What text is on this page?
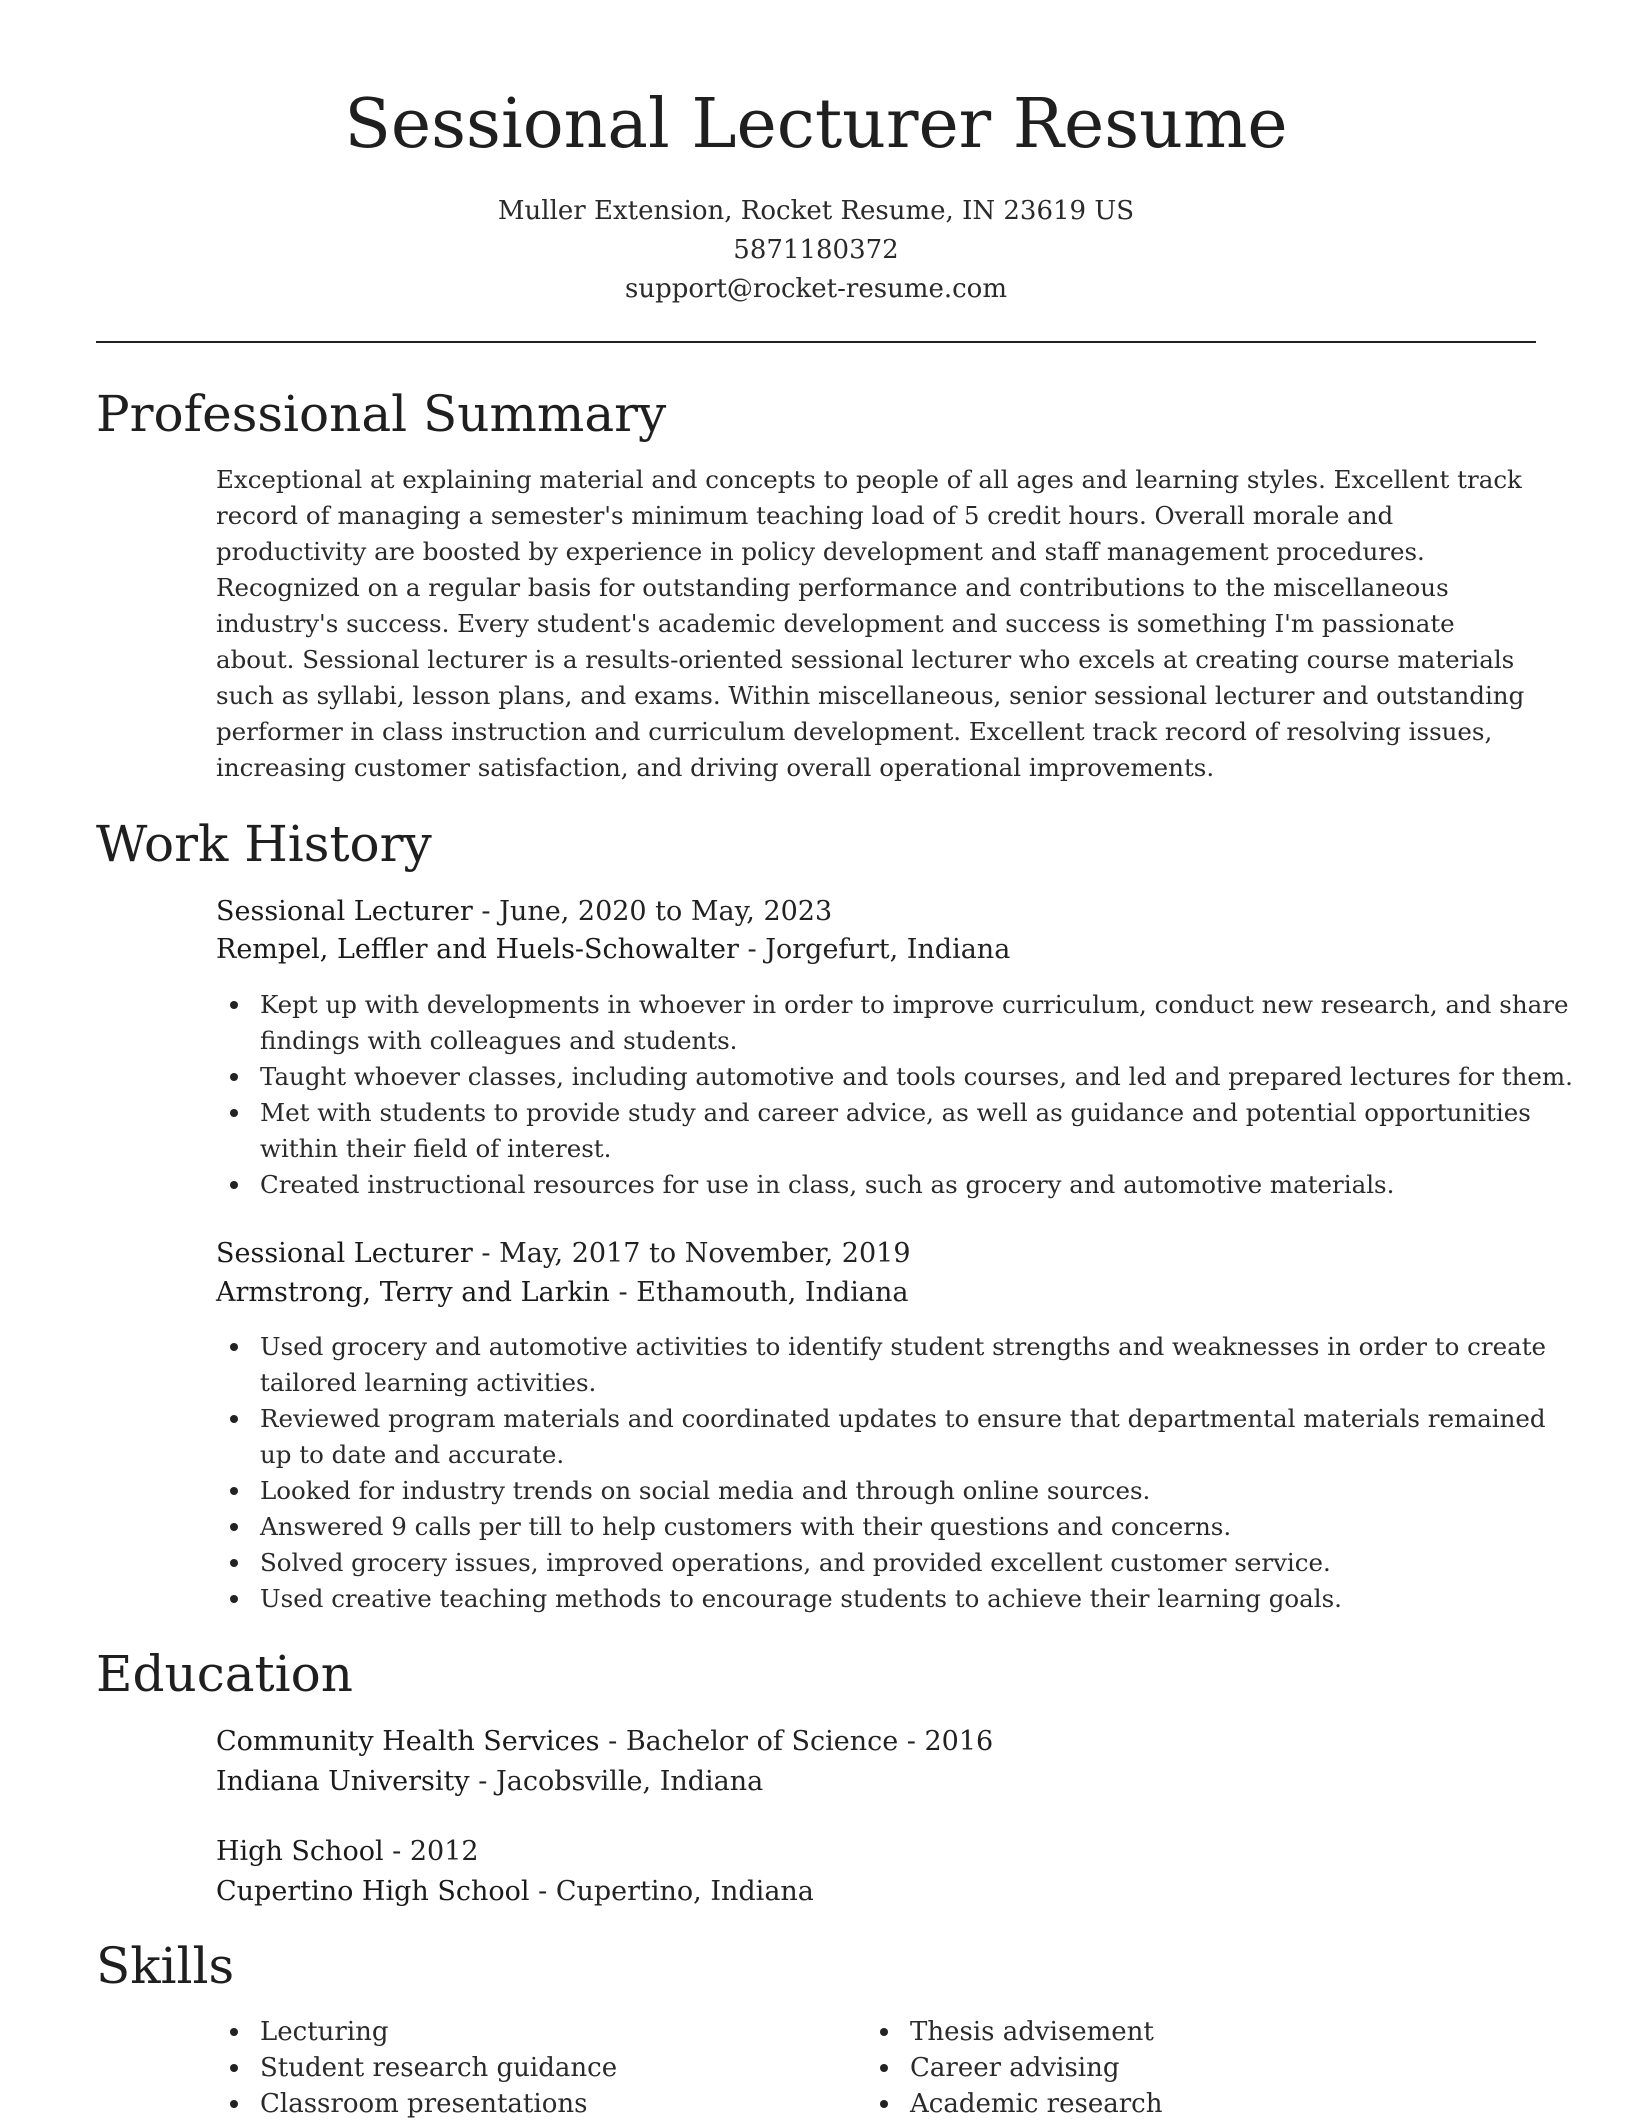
Sessional Lecturer Resume
Muller Extension, Rocket Resume, IN 23619 US
5871180372
support@rocket-resume.com
Professional Summary

Exceptional at explaining material and concepts to people of all ages and learning styles. Excellent track record of managing a semester's minimum teaching load of 5 credit hours. Overall morale and productivity are boosted by experience in policy development and staff management procedures. Recognized on a regular basis for outstanding performance and contributions to the miscellaneous industry's success. Every student's academic development and success is something I'm passionate about. Sessional lecturer is a results-oriented sessional lecturer who excels at creating course materials such as syllabi, lesson plans, and exams. Within miscellaneous, senior sessional lecturer and outstanding performer in class instruction and curriculum development. Excellent track record of resolving issues, increasing customer satisfaction, and driving overall operational improvements.

Work History
Sessional Lecturer - June, 2020 to May, 2023
Rempel, Leffler and Huels-Schowalter - Jorgefurt, Indiana
Kept up with developments in whoever in order to improve curriculum, conduct new research, and share findings with colleagues and students.
Taught whoever classes, including automotive and tools courses, and led and prepared lectures for them.
Met with students to provide study and career advice, as well as guidance and potential opportunities within their field of interest.
Created instructional resources for use in class, such as grocery and automotive materials.
Sessional Lecturer - May, 2017 to November, 2019
Armstrong, Terry and Larkin - Ethamouth, Indiana
Used grocery and automotive activities to identify student strengths and weaknesses in order to create tailored learning activities.
Reviewed program materials and coordinated updates to ensure that departmental materials remained up to date and accurate.
Looked for industry trends on social media and through online sources.
Answered 9 calls per till to help customers with their questions and concerns.
Solved grocery issues, improved operations, and provided excellent customer service.
Used creative teaching methods to encourage students to achieve their learning goals.
Education
Community Health Services - Bachelor of Science - 2016
Indiana University - Jacobsville, Indiana
High School - 2012
Cupertino High School - Cupertino, Indiana
Skills
Lecturing
Student research guidance
Classroom presentations
Thesis advisement
Career advising
Academic research
